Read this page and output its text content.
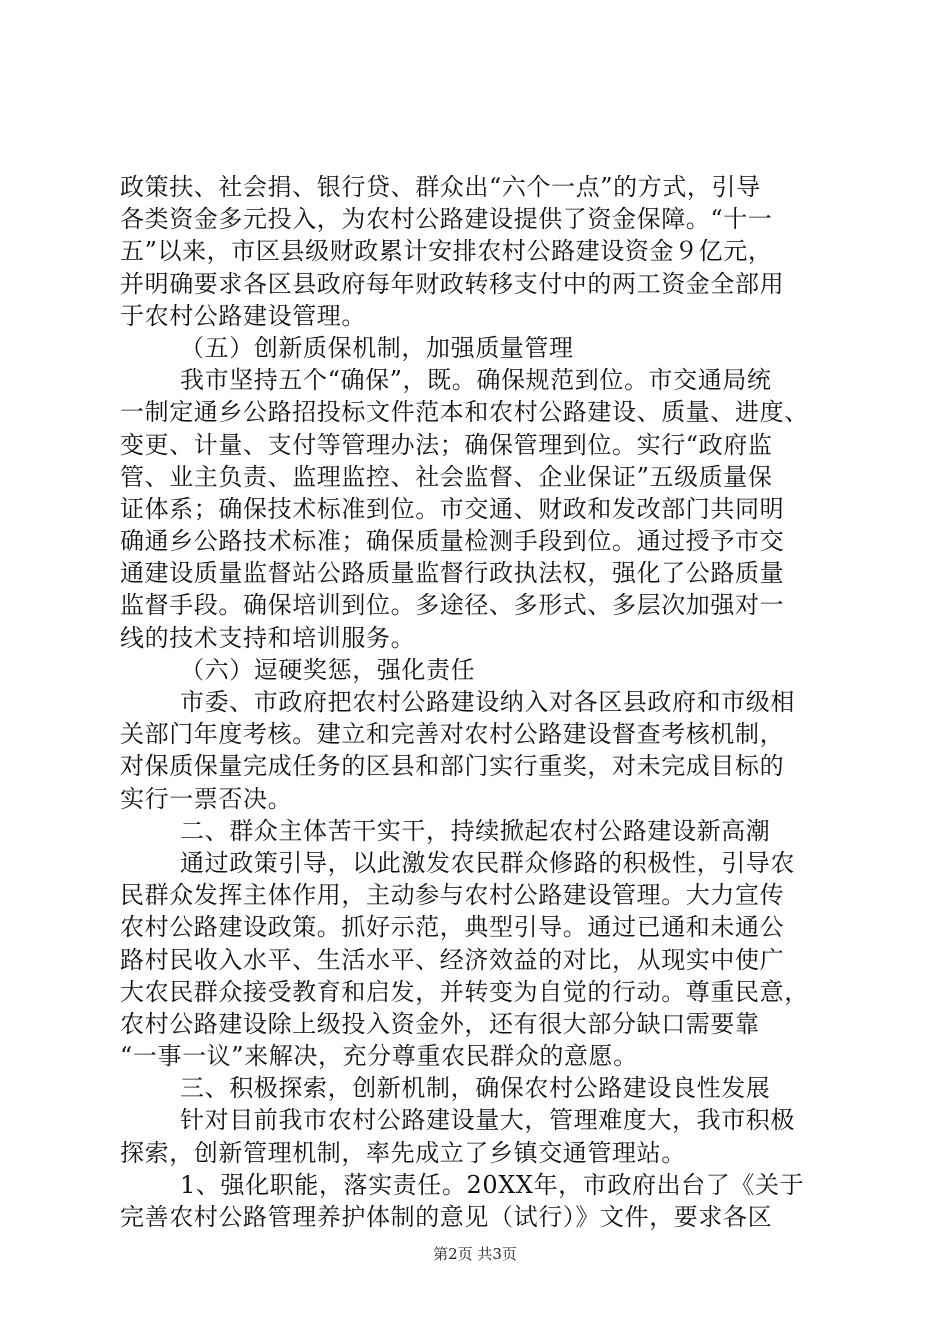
政策扶、社会捐、银行贷、群众出“六个一点”的方式，引导
各类资金多元投入，为农村公路建设提供了资金保障。“十一
五”以来，市区县级财政累计安排农村公路建设资金９亿元，
并明确要求各区县政府每年财政转移支付中的两工资金全部用
于农村公路建设管理。
（五）创新质保机制，加强质量管理
我市坚持五个“确保”，既。确保规范到位。市交通局统
一制定通乡公路招投标文件范本和农村公路建设、质量、进度、
变更、计量、支付等管理办法；确保管理到位。实行“政府监
管、业主负责、监理监控、社会监督、企业保证”五级质量保
证体系；确保技术标准到位。市交通、财政和发改部门共同明
确通乡公路技术标准；确保质量检测手段到位。通过授予市交
通建设质量监督站公路质量监督行政执法权，强化了公路质量
监督手段。确保培训到位。多途径、多形式、多层次加强对一
线的技术支持和培训服务。
（六）逗硬奖惩，强化责任
市委、市政府把农村公路建设纳入对各区县政府和市级相
关部门年度考核。建立和完善对农村公路建设督查考核机制，
对保质保量完成任务的区县和部门实行重奖，对未完成目标的
实行一票否决。
二、群众主体苦干实干，持续掀起农村公路建设新高潮
通过政策引导，以此激发农民群众修路的积极性，引导农
民群众发挥主体作用，主动参与农村公路建设管理。大力宣传
农村公路建设政策。抓好示范，典型引导。通过已通和未通公
路村民收入水平、生活水平、经济效益的对比，从现实中使广
大农民群众接受教育和启发，并转变为自觉的行动。尊重民意，
农村公路建设除上级投入资金外，还有很大部分缺口需要靠
“一事一议”来解决，充分尊重农民群众的意愿。
三、积极探索，创新机制，确保农村公路建设良性发展
针对目前我市农村公路建设量大，管理难度大，我市积极
探索，创新管理机制，率先成立了乡镇交通管理站。
1、强化职能，落实责任。20XX年，市政府出台了《关于
完善农村公路管理养护体制的意见（试行）》文件，要求各区
第2页 共3页
